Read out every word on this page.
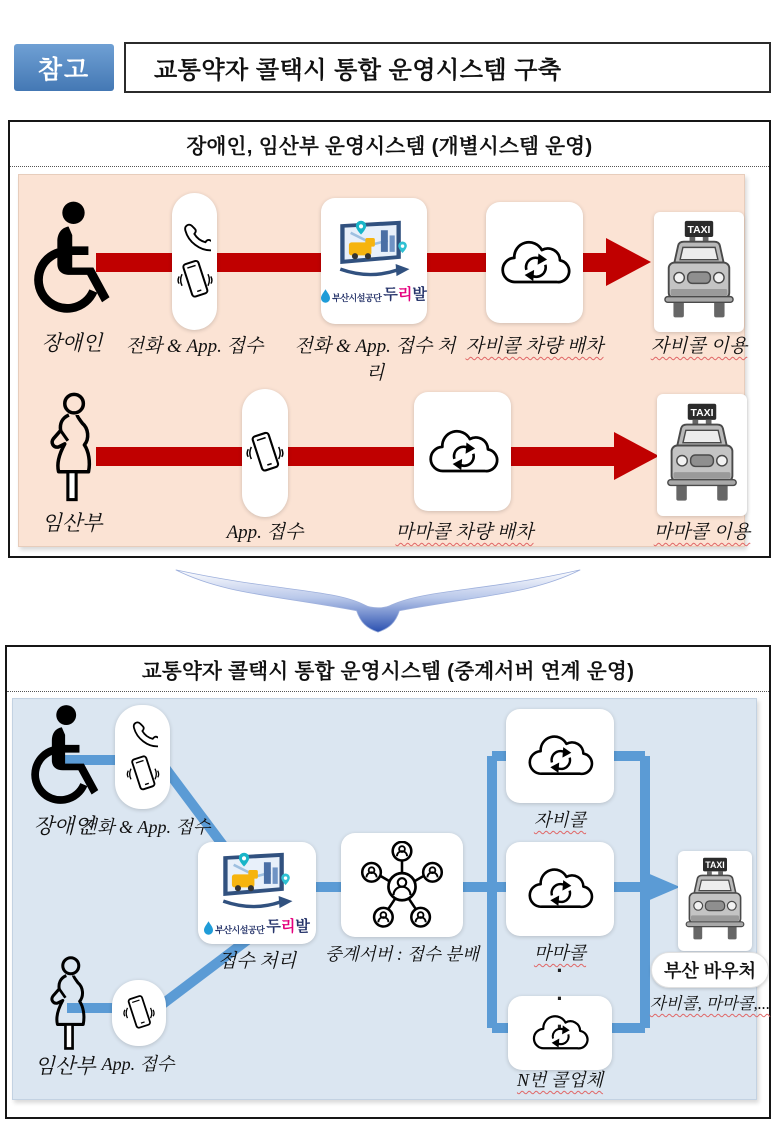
참고	교통약자 콜택시 통합 운영시스템 구축
장애인, 임산부 운영시스템 (개별시스템 운영)
장애인	전화 & App. 접수
부산시설공단 두리발
전화 & App. 접수 처리
자비콜 차량 배차	자비콜 이용
임산부	App. 접수	마마콜 차량 배차	마마콜 이용
교통약자 콜택시 통합 운영시스템 (중계서버 연계 운영)
장애인
전화 & App. 접수
임산부 App. 접수
부산시설공단 두리발
접수 처리	중계서버 : 접수 분배
자비콜
마마콜
·
·
·
N번 콜업체
부산 바우처
자비콜, 마마콜,...
